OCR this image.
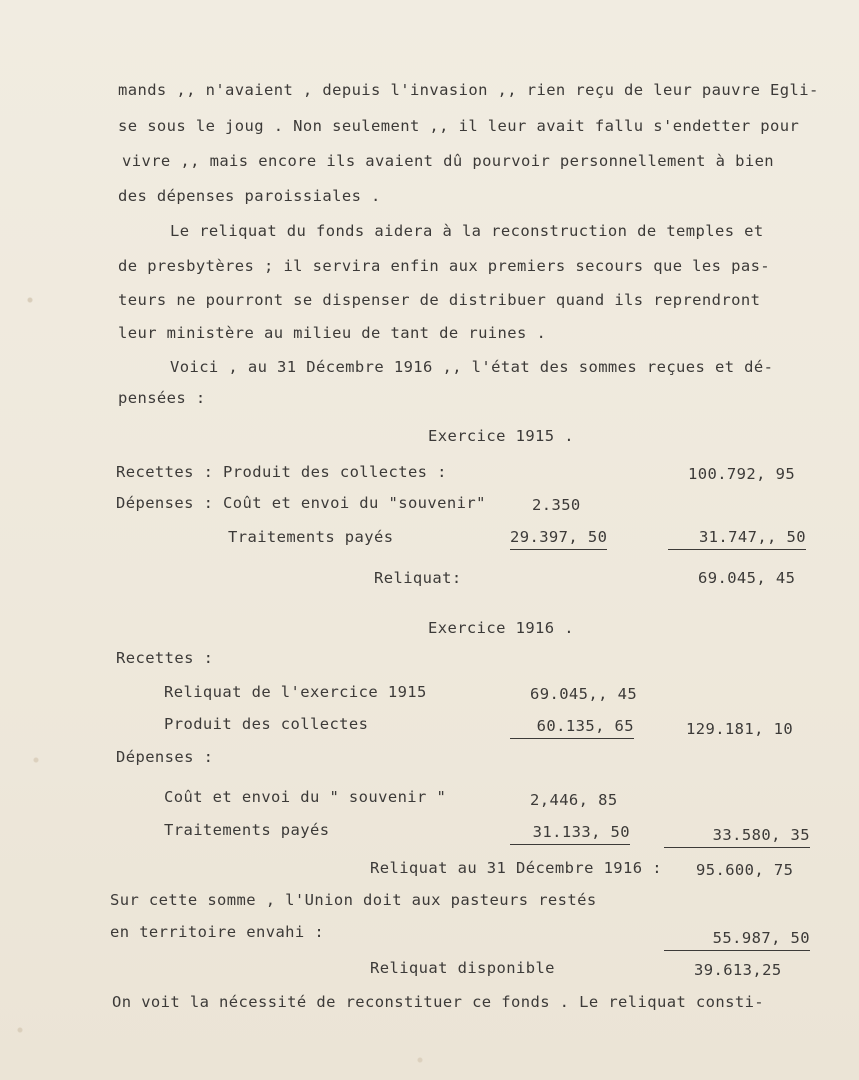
mands ,, n'avaient , depuis l'invasion ,, rien reçu de leur pauvre Egli-
se sous le joug . Non seulement ,, il leur avait fallu s'endetter pour
vivre ,, mais encore ils avaient dû pourvoir personnellement à bien
des dépenses paroissiales .
Le reliquat du fonds aidera à la reconstruction de temples et
de presbytères ; il servira enfin aux premiers secours que les pas-
teurs ne pourront se dispenser de distribuer quand ils reprendront
leur ministère au milieu de tant de ruines .
Voici , au 31 Décembre 1916 ,, l'état des sommes reçues et dé-
pensées :
Exercice 1915 .
Recettes : Produit des collectes :	100.792, 95
Dépenses : Coût et envoi du "souvenir"	2.350
Traitements payés	29.397, 50	31.747,, 50
Reliquat:	69.045, 45
Exercice 1916 .
Recettes :
Reliquat de l'exercice 1915	69.045,, 45
Produit des collectes	60.135, 65	129.181, 10
Dépenses :
Coût et envoi du " souvenir "	2,446, 85
Traitements payés	31.133, 50	33.580, 35
Reliquat au 31 Décembre 1916 : 95.600, 75
Sur cette somme , l'Union doit aux pasteurs restés
en territoire envahi :	55.987, 50
Reliquat disponible	39.613,25
On voit la nécessité de reconstituer ce fonds . Le reliquat consti-
